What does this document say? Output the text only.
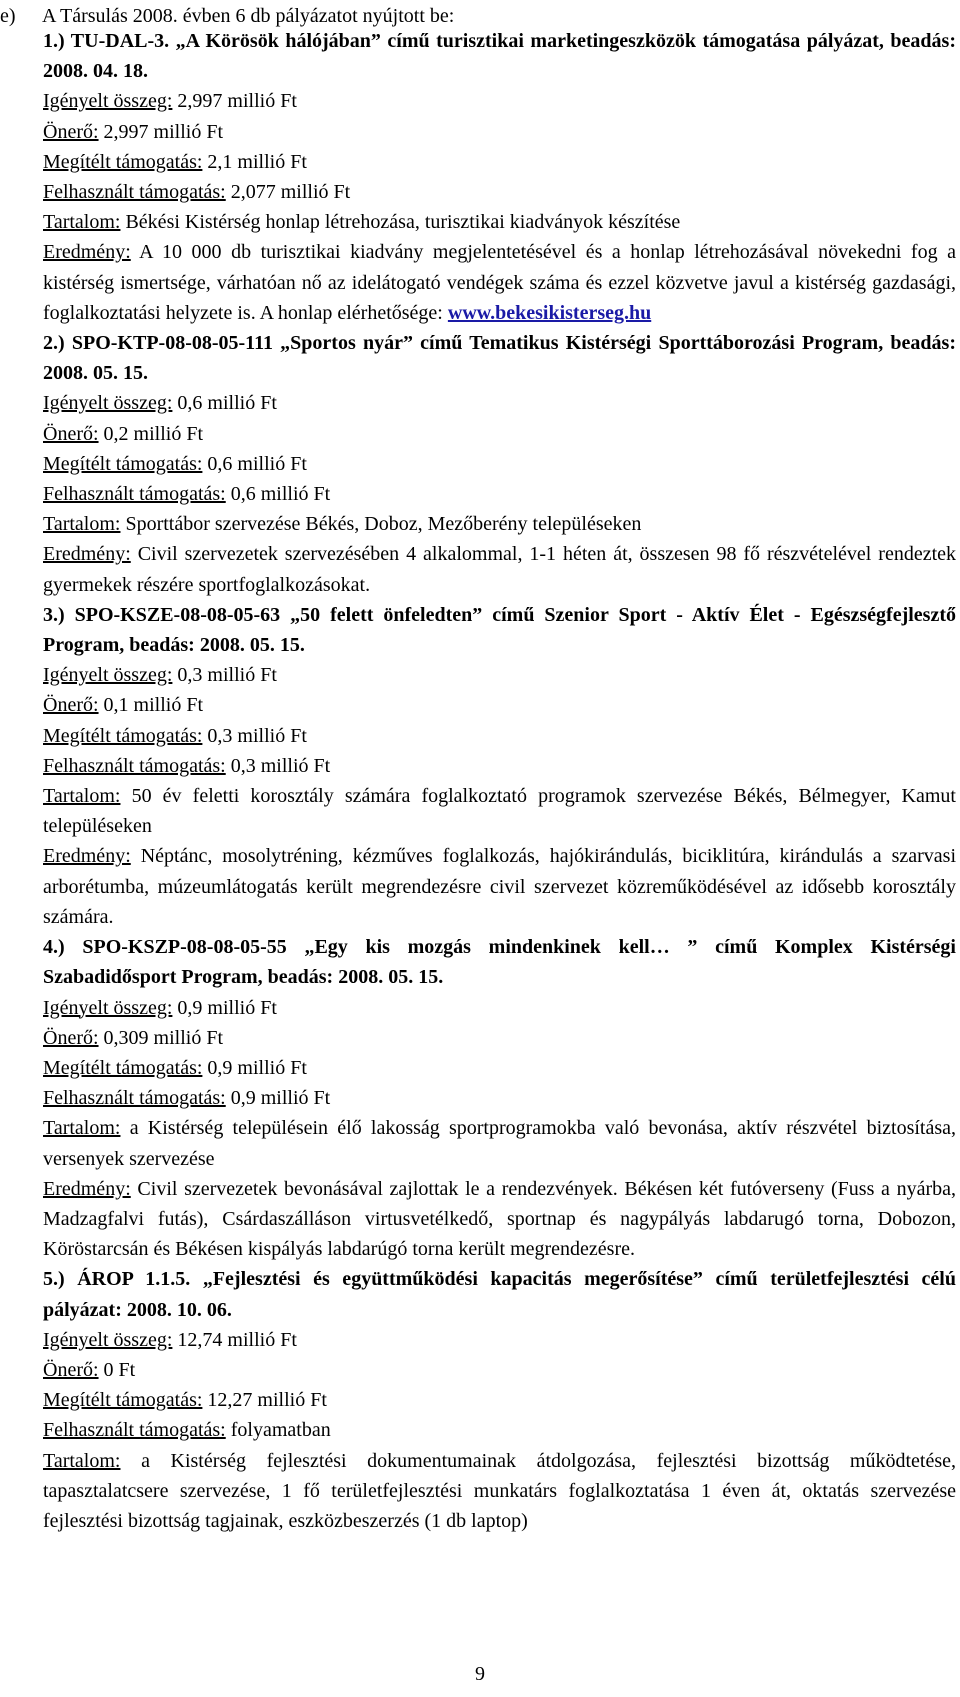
e) A Társulás 2008. évben 6 db pályázatot nyújtott be:

1.) TU-DAL-3. „A Körösök hálójában” című turisztikai marketingeszközök támogatása pályázat, beadás: 2008. 04. 18.

Igényelt összeg: 2,997 millió Ft

Önerő: 2,997 millió Ft

Megítélt támogatás: 2,1 millió Ft

Felhasznált támogatás: 2,077 millió Ft

Tartalom: Békési Kistérség honlap létrehozása, turisztikai kiadványok készítése

Eredmény: A 10 000 db turisztikai kiadvány megjelentetésével és a honlap létrehozásával növekedni fog a kistérség ismertsége, várhatóan nő az idelátogató vendégek száma és ezzel közvetve javul a kistérség gazdasági, foglalkoztatási helyzete is. A honlap elérhetősége: www.bekesikisterseg.hu

2.) SPO-KTP-08-08-05-111 „Sportos nyár” című Tematikus Kistérségi Sporttáborozási Program, beadás: 2008. 05. 15.

Igényelt összeg: 0,6 millió Ft

Önerő: 0,2 millió Ft

Megítélt támogatás: 0,6 millió Ft

Felhasznált támogatás: 0,6 millió Ft

Tartalom: Sporttábor szervezése Békés, Doboz, Mezőberény településeken

Eredmény: Civil szervezetek szervezésében 4 alkalommal, 1-1 héten át, összesen 98 fő részvételével rendeztek gyermekek részére sportfoglalkozásokat.

3.) SPO-KSZE-08-08-05-63 „50 felett önfeledten” című Szenior Sport - Aktív Élet - Egészségfejlesztő Program, beadás: 2008. 05. 15.

Igényelt összeg: 0,3 millió Ft

Önerő: 0,1 millió Ft

Megítélt támogatás: 0,3 millió Ft

Felhasznált támogatás: 0,3 millió Ft

Tartalom: 50 év feletti korosztály számára foglalkoztató programok szervezése Békés, Bélmegyer, Kamut településeken

Eredmény: Néptánc, mosolytréning, kézműves foglalkozás, hajókirándulás, biciklitúra, kirándulás a szarvasi arborétumba, múzeumlátogatás került megrendezésre civil szervezet közreműködésével az idősebb korosztály számára.

4.) SPO-KSZP-08-08-05-55 „Egy kis mozgás mindenkinek kell… ” című Komplex Kistérségi Szabadidősport Program, beadás: 2008. 05. 15.

Igényelt összeg: 0,9 millió Ft

Önerő: 0,309 millió Ft

Megítélt támogatás: 0,9 millió Ft

Felhasznált támogatás: 0,9 millió Ft

Tartalom: a Kistérség településein élő lakosság sportprogramokba való bevonása, aktív részvétel biztosítása, versenyek szervezése

Eredmény: Civil szervezetek bevonásával zajlottak le a rendezvények. Békésen két futóverseny (Fuss a nyárba, Madzagfalvi futás), Csárdaszálláson virtusvetélkedő, sportnap és nagypályás labdarugó torna, Dobozon, Köröstarcsán és Békésen kispályás labdarúgó torna került megrendezésre.

5.) ÁROP 1.1.5. „Fejlesztési és együttműködési kapacitás megerősítése” című területfejlesztési célú pályázat: 2008. 10. 06.

Igényelt összeg: 12,74 millió Ft

Önerő: 0 Ft

Megítélt támogatás: 12,27 millió Ft

Felhasznált támogatás: folyamatban

Tartalom: a Kistérség fejlesztési dokumentumainak átdolgozása, fejlesztési bizottság működtetése, tapasztalatcsere szervezése, 1 fő területfejlesztési munkatárs foglalkoztatása 1 éven át, oktatás szervezése fejlesztési bizottság tagjainak, eszközbeszerzés (1 db laptop)

9
